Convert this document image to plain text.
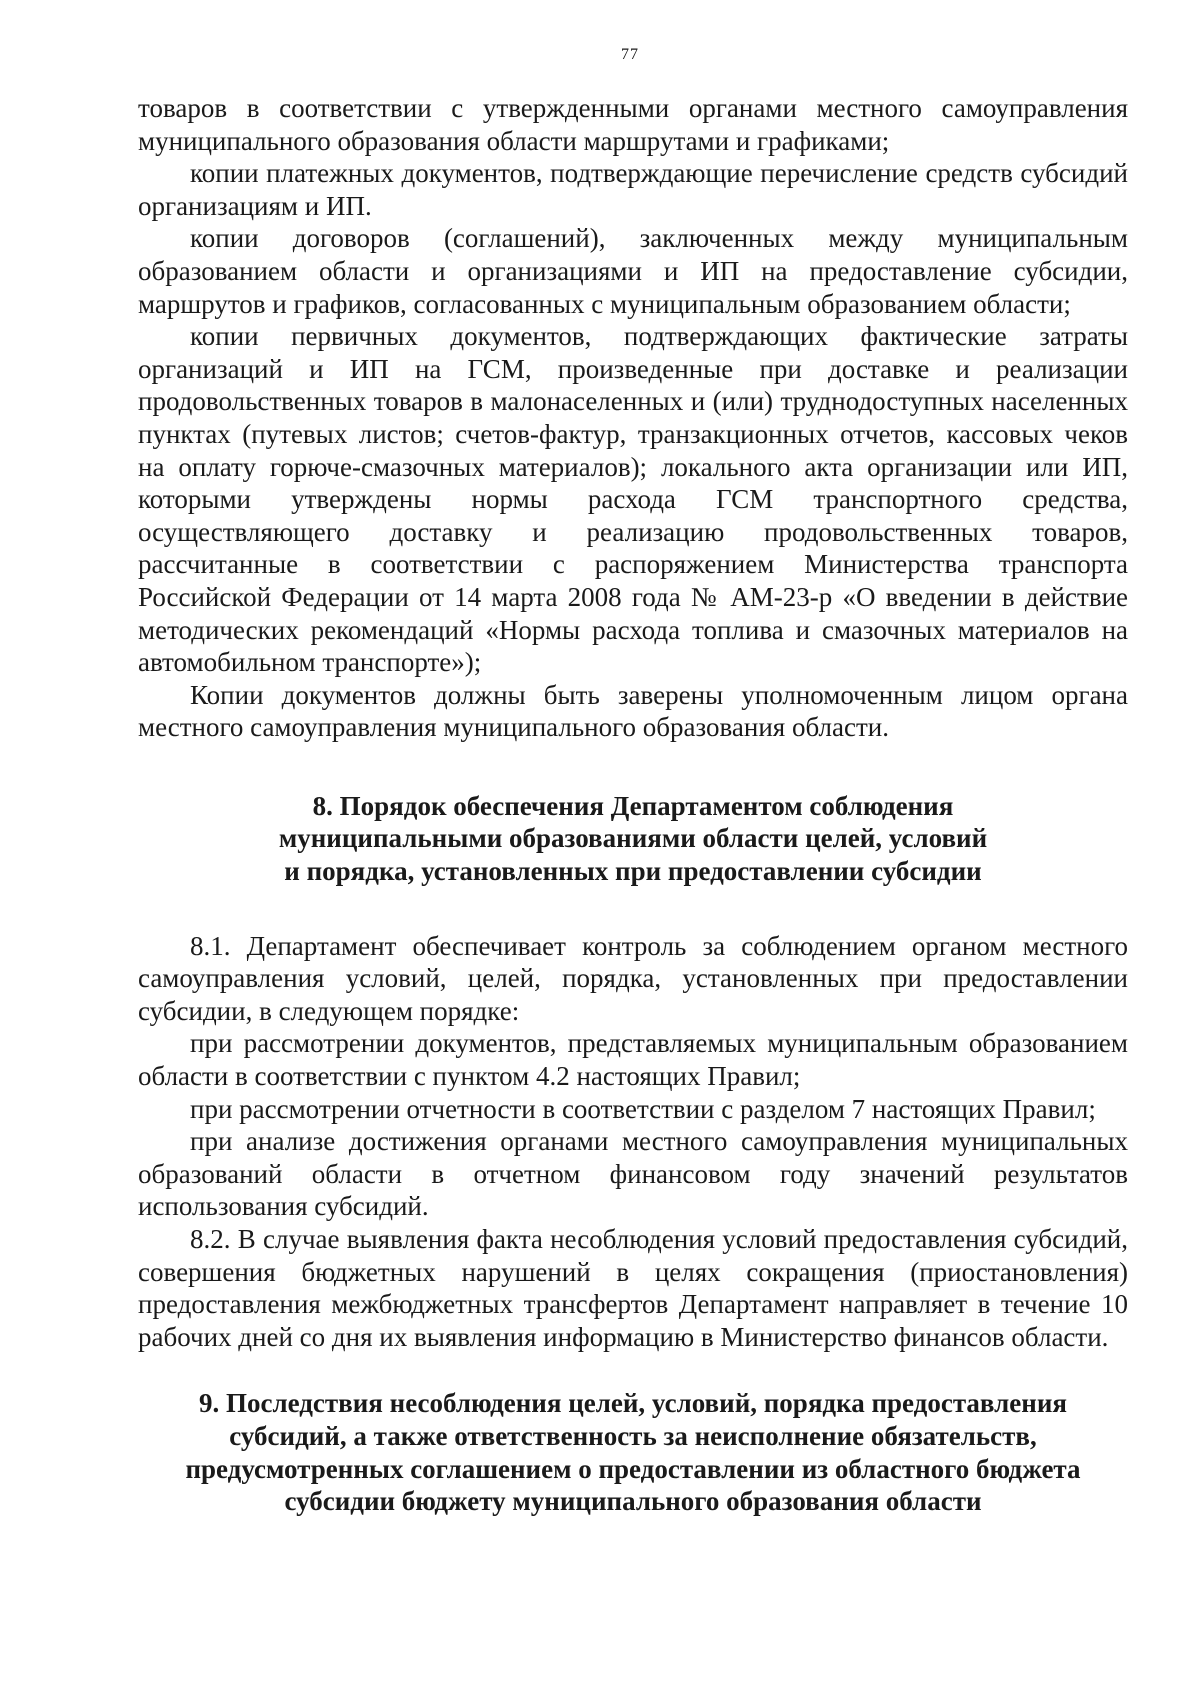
77

товаров в соответствии с утвержденными органами местного самоуправления муниципального образования области маршрутами и графиками;

копии платежных документов, подтверждающие перечисление средств субсидий организациям и ИП.

копии договоров (соглашений), заключенных между муниципальным образованием области и организациями и ИП на предоставление субсидии, маршрутов и графиков, согласованных с муниципальным образованием области;

копии первичных документов, подтверждающих фактические затраты организаций и ИП на ГСМ, произведенные при доставке и реализации продовольственных товаров в малонаселенных и (или) труднодоступных населенных пунктах (путевых листов; счетов-фактур, транзакционных отчетов, кассовых чеков на оплату горюче-смазочных материалов); локального акта организации или ИП, которыми утверждены нормы расхода ГСМ транспортного средства, осуществляющего доставку и реализацию продовольственных товаров, рассчитанные в соответствии с распоряжением Министерства транспорта Российской Федерации от 14 марта 2008 года № АМ-23-р «О введении в действие методических рекомендаций «Нормы расхода топлива и смазочных материалов на автомобильном транспорте»);

Копии документов должны быть заверены уполномоченным лицом органа местного самоуправления муниципального образования области.

8. Порядок обеспечения Департаментом соблюдения
муниципальными образованиями области целей, условий
и порядка, установленных при предоставлении субсидии

8.1. Департамент обеспечивает контроль за соблюдением органом местного самоуправления условий, целей, порядка, установленных при предоставлении субсидии, в следующем порядке:

при рассмотрении документов, представляемых муниципальным образованием области в соответствии с пунктом 4.2 настоящих Правил;

при рассмотрении отчетности в соответствии с разделом 7 настоящих Правил;

при анализе достижения органами местного самоуправления муниципальных образований области в отчетном финансовом году значений результатов использования субсидий.

8.2. В случае выявления факта несоблюдения условий предоставления субсидий, совершения бюджетных нарушений в целях сокращения (приостановления) предоставления межбюджетных трансфертов Департамент направляет в течение 10 рабочих дней со дня их выявления информацию в Министерство финансов области.

9. Последствия несоблюдения целей, условий, порядка предоставления субсидий, а также ответственность за неисполнение обязательств, предусмотренных соглашением о предоставлении из областного бюджета субсидии бюджету муниципального образования области
